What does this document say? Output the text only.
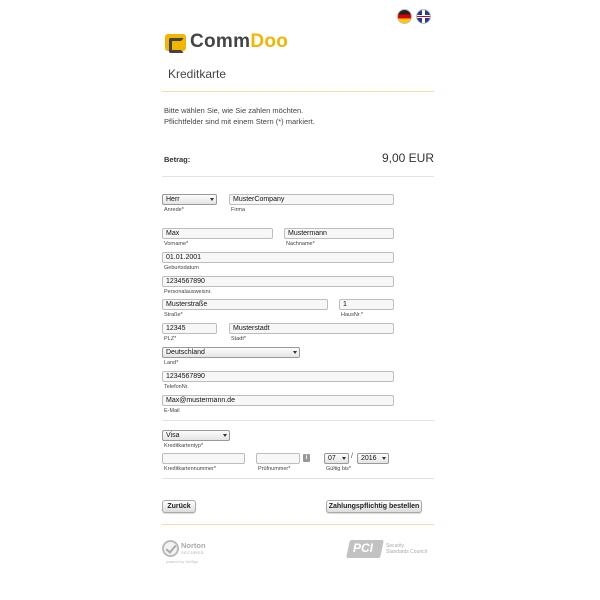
CommDoo
Kreditkarte
Bitte wählen Sie, wie Sie zahlen möchten.
Pflichtfelder sind mit einem Stern (*) markiert.
Betrag:	9,00 EUR
Herr
Anrede*
MusterCompany
Firma
Max
Vorname*
Mustermann
Nachname*
01.01.2001
Geburtsdatum
1234567890
Personalausweisnr.
Musterstraße
Straße*
1
HausNr.*
12345
PLZ*
Musterstadt
Stadt*
Deutschland
Land*
1234567890
TelefonNr.
Max@mustermann.de
E-Mail
Visa
Kreditkartentyp*
Kreditkartennummer*
i
Prüfnummer*
07	/	2016
Gültig bis*
Zurück	Zahlungspflichtig bestellen
Norton
SECURED
powered by VeriSign
PCI	Security
Standards Council
